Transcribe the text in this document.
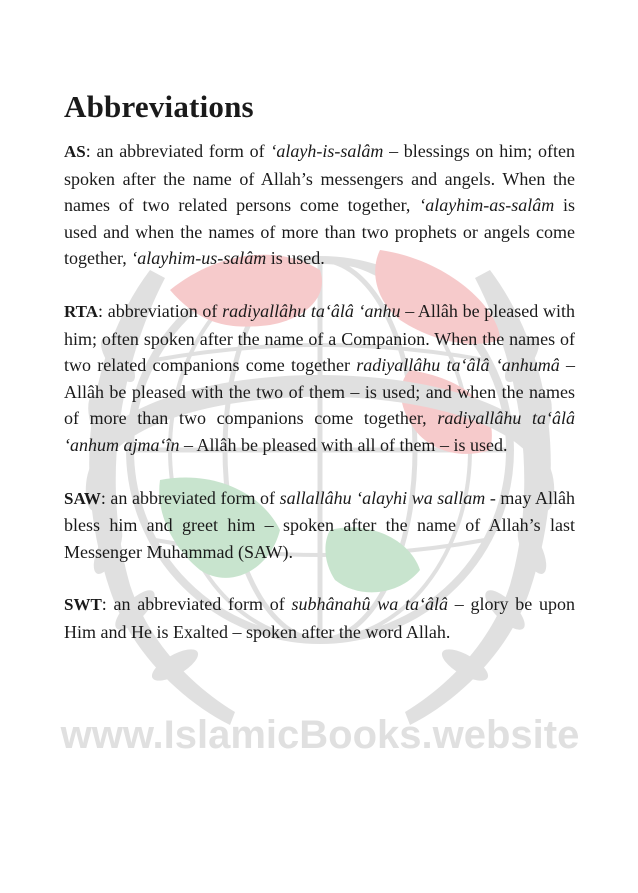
www.IslamicBooks.website
Abbreviations

AS: an abbreviated form of ‘alayh-is-salâm – blessings on him; often spoken after the name of Allah’s messengers and angels. When the names of two related persons come together, ‘alayhim-as-salâm is used and when the names of more than two prophets or angels come together, ‘alayhim-us-salâm is used.

RTA: abbreviation of radiyallâhu ta‘âlâ ‘anhu – Allâh be pleased with him; often spoken after the name of a Companion. When the names of two related companions come together radiyallâhu ta‘âlâ ‘anhumâ – Allâh be pleased with the two of them – is used; and when the names of more than two companions come together, radiyallâhu ta‘âlâ ‘anhum ajma‘în – Allâh be pleased with all of them – is used.

SAW: an abbreviated form of sallallâhu ‘alayhi wa sallam - may Allâh bless him and greet him – spoken after the name of Allah’s last Messenger Muhammad (SAW).

SWT: an abbreviated form of subhânahû wa ta‘âlâ – glory be upon Him and He is Exalted – spoken after the word Allah.
